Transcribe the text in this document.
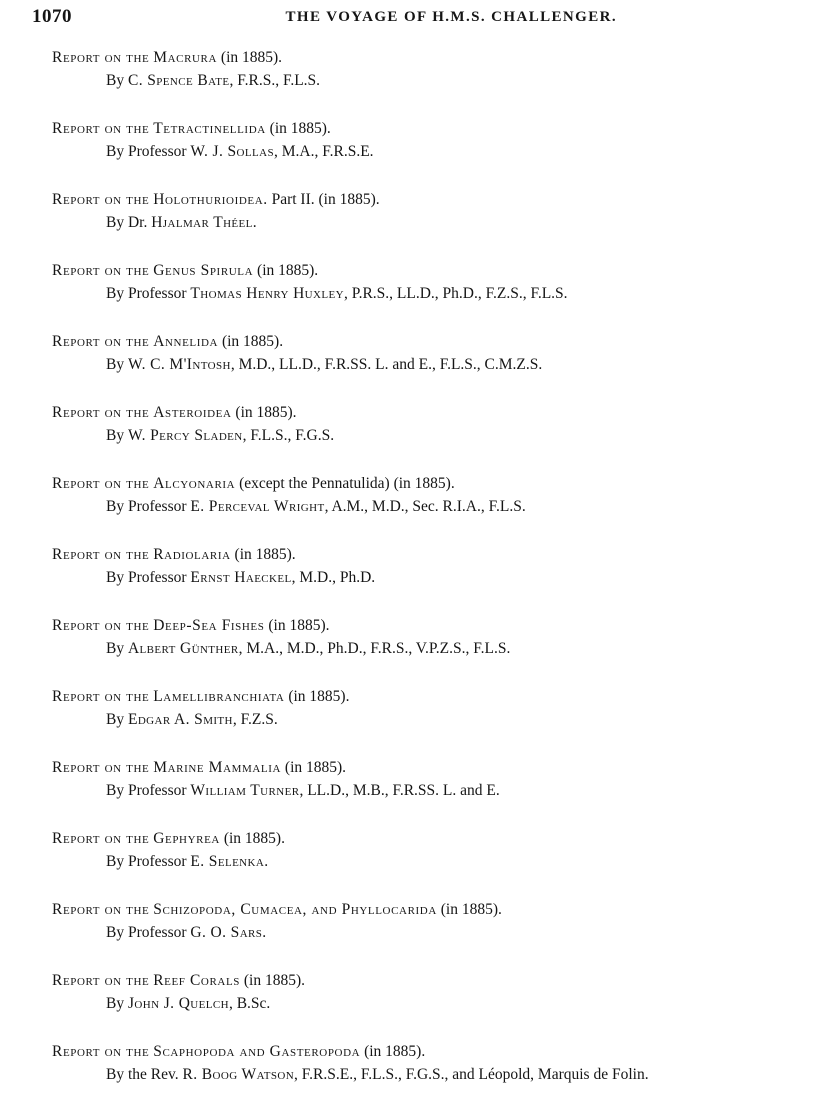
1070	THE VOYAGE OF H.M.S. CHALLENGER.
Report on the Macrura (in 1885).
By C. Spence Bate, F.R.S., F.L.S.
Report on the Tetractinellida (in 1885).
By Professor W. J. Sollas, M.A., F.R.S.E.
Report on the Holothurioidea. Part II. (in 1885).
By Dr. Hjalmar Théel.
Report on the Genus Spirula (in 1885).
By Professor Thomas Henry Huxley, P.R.S., LL.D., Ph.D., F.Z.S., F.L.S.
Report on the Annelida (in 1885).
By W. C. M'Intosh, M.D., LL.D., F.R.SS. L. and E., F.L.S., C.M.Z.S.
Report on the Asteroidea (in 1885).
By W. Percy Sladen, F.L.S., F.G.S.
Report on the Alcyonaria (except the Pennatulida) (in 1885).
By Professor E. Perceval Wright, A.M., M.D., Sec. R.I.A., F.L.S.
Report on the Radiolaria (in 1885).
By Professor Ernst Haeckel, M.D., Ph.D.
Report on the Deep-Sea Fishes (in 1885).
By Albert Günther, M.A., M.D., Ph.D., F.R.S., V.P.Z.S., F.L.S.
Report on the Lamellibranchiata (in 1885).
By Edgar A. Smith, F.Z.S.
Report on the Marine Mammalia (in 1885).
By Professor William Turner, LL.D., M.B., F.R.SS. L. and E.
Report on the Gephyrea (in 1885).
By Professor E. Selenka.
Report on the Schizopoda, Cumacea, and Phyllocarida (in 1885).
By Professor G. O. Sars.
Report on the Reef Corals (in 1885).
By John J. Quelch, B.Sc.
Report on the Scaphopoda and Gasteropoda (in 1885).
By the Rev. R. Boog Watson, F.R.S.E., F.L.S., F.G.S., and Léopold, Marquis de Folin.
